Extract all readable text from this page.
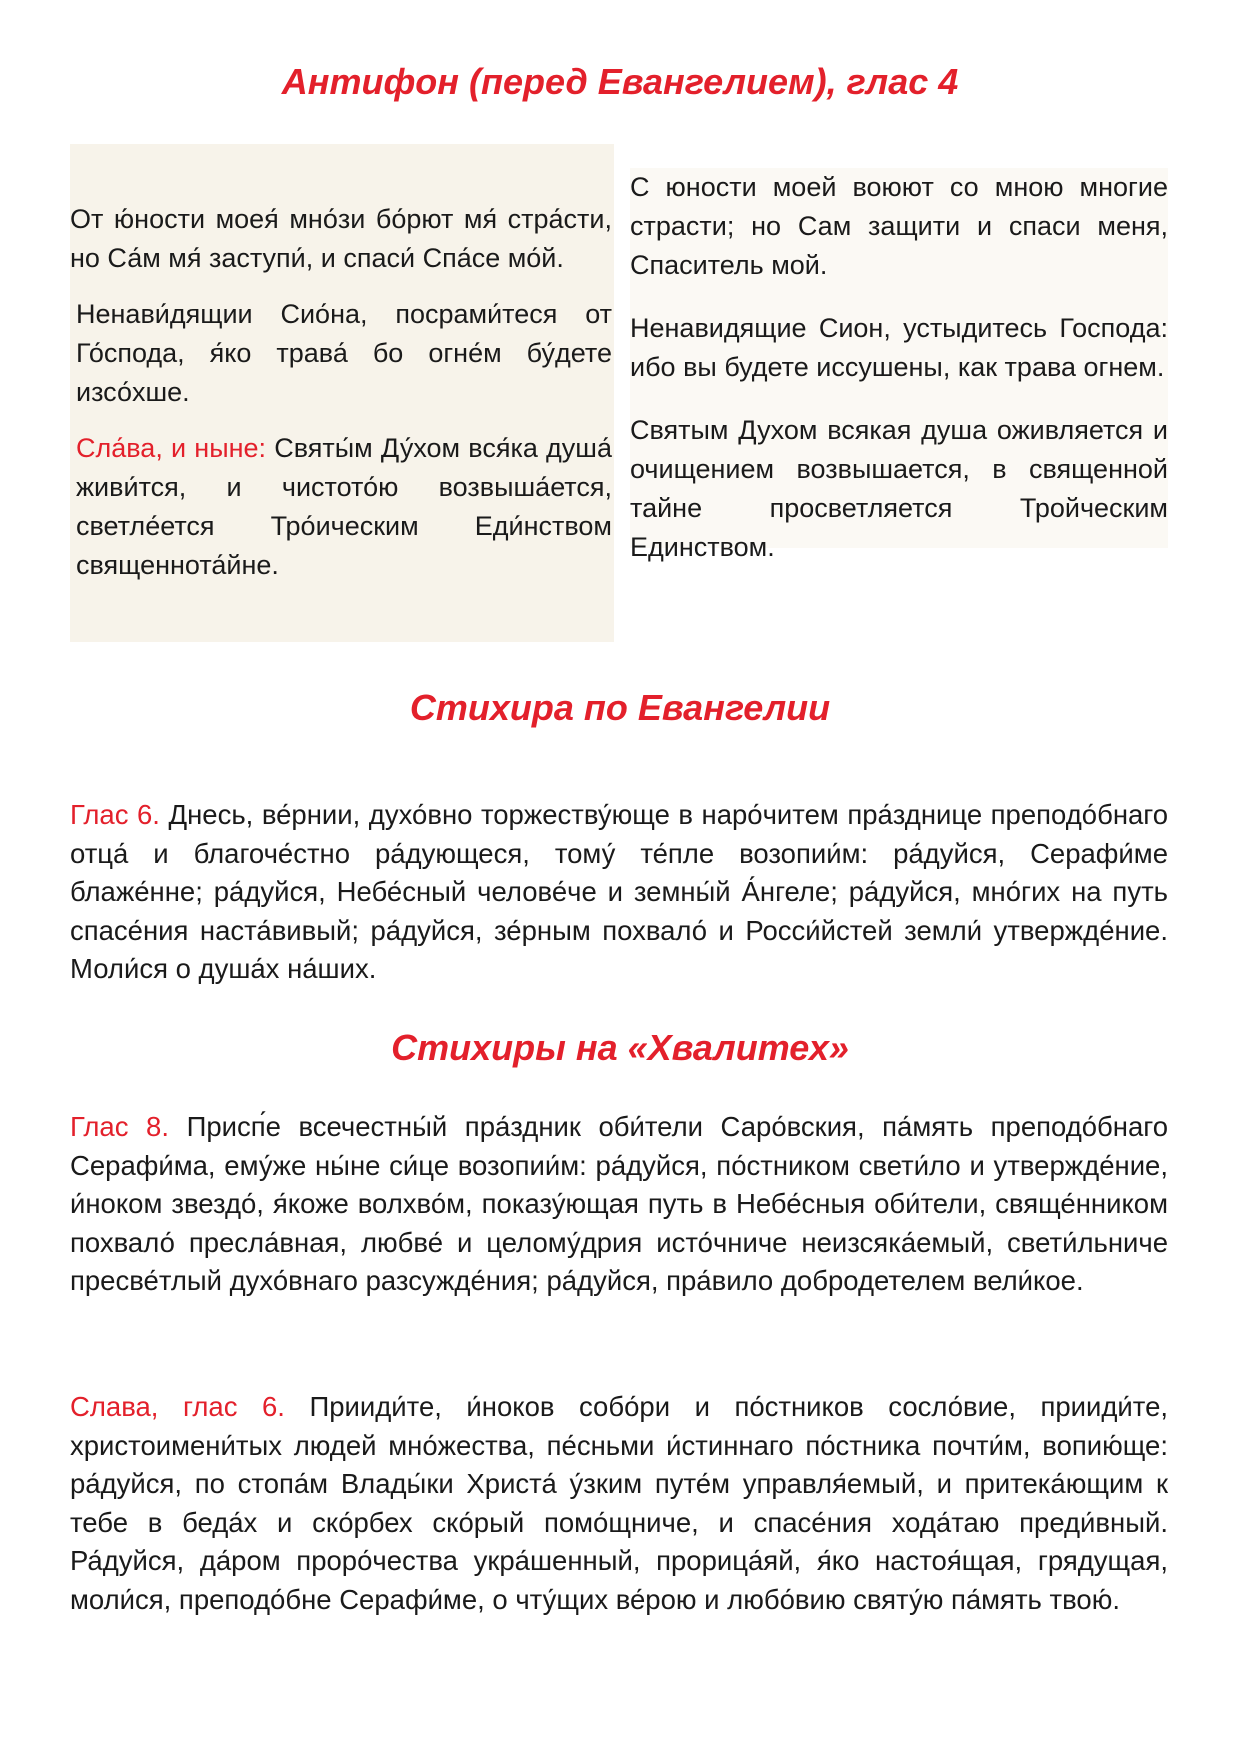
Антифон (перед Евангелием), глас 4

От ю́ности моея́ мно́зи бо́рют мя́ стра́сти, но Са́м мя́ заступи́, и спаси́ Спа́се мо́й.

Ненави́дящии Сио́на, посрами́теся от Го́спода, я́ко трава́ бо огне́м бу́дете изсо́хше.

Сла́ва, и ныне: Святы́м Ду́хом вся́ка душа́ живи́тся, и чистото́ю возвыша́ется, светле́ется Тро́ическим Еди́нством священнота́йне.

С юности моей воюют со мною многие страсти; но Сам защити и спаси меня, Спаситель мой.

Ненавидящие Сион, устыдитесь Господа: ибо вы будете иссушены, как трава огнем.

Святым Духом всякая душа оживляется и очищением возвышается, в священной тайне просветляется Тройческим Единством.

Стихира по Евангелии

Глас 6. Днесь, ве́рнии, духо́вно торжеству́юще в наро́читем пра́зднице преподо́бнаго отца́ и благоче́стно ра́дующеся, тому́ те́пле возопии́м: ра́дуйся, Серафи́ме блаже́нне; ра́дуйся, Небе́сный челове́че и земны́й А́нгеле; ра́дуйся, мно́гих на путь спасе́ния наста́вивый; ра́дуйся, зе́рным похвало́ и Росси́йстей земли́ утвержде́ние. Моли́ся о душа́х на́ших.

Стихиры на «Хвалитех»

Глас 8. Присп́е всечестны́й пра́здник оби́тели Саро́вския, па́мять преподо́бнаго Серафи́ма, ему́же ны́не си́це возопии́м: ра́дуйся, по́стником свети́ло и утвержде́ние, и́ноком звездо́, я́коже волхво́м, показу́ющая путь в Небе́сныя оби́тели, свяще́нником похвало́ пресла́вная, любве́ и целому́дрия исто́чниче неизсяка́емый, свети́льниче пресве́тлый духо́внаго разсужде́ния; ра́дуйся, пра́вило добродетелем вели́кое.

Слава, глас 6. Прииди́те, и́ноков собо́ри и по́стников сосло́вие, прииди́те, христоимени́тых людей мно́жества, пе́сньми и́стиннаго по́стника почти́м, вопию́ще: ра́дуйся, по стопа́м Влады́ки Христа́ у́зким путе́м управля́емый, и притека́ющим к тебе в беда́х и ско́рбех ско́рый помо́щниче, и спасе́ния хода́таю преди́вный. Ра́дуйся, да́ром проро́чества укра́шенный, прорица́яй, я́ко настоя́щая, грядущая, моли́ся, преподо́бне Серафи́ме, о чту́щих ве́рою и любо́вию святу́ю па́мять твою́.
